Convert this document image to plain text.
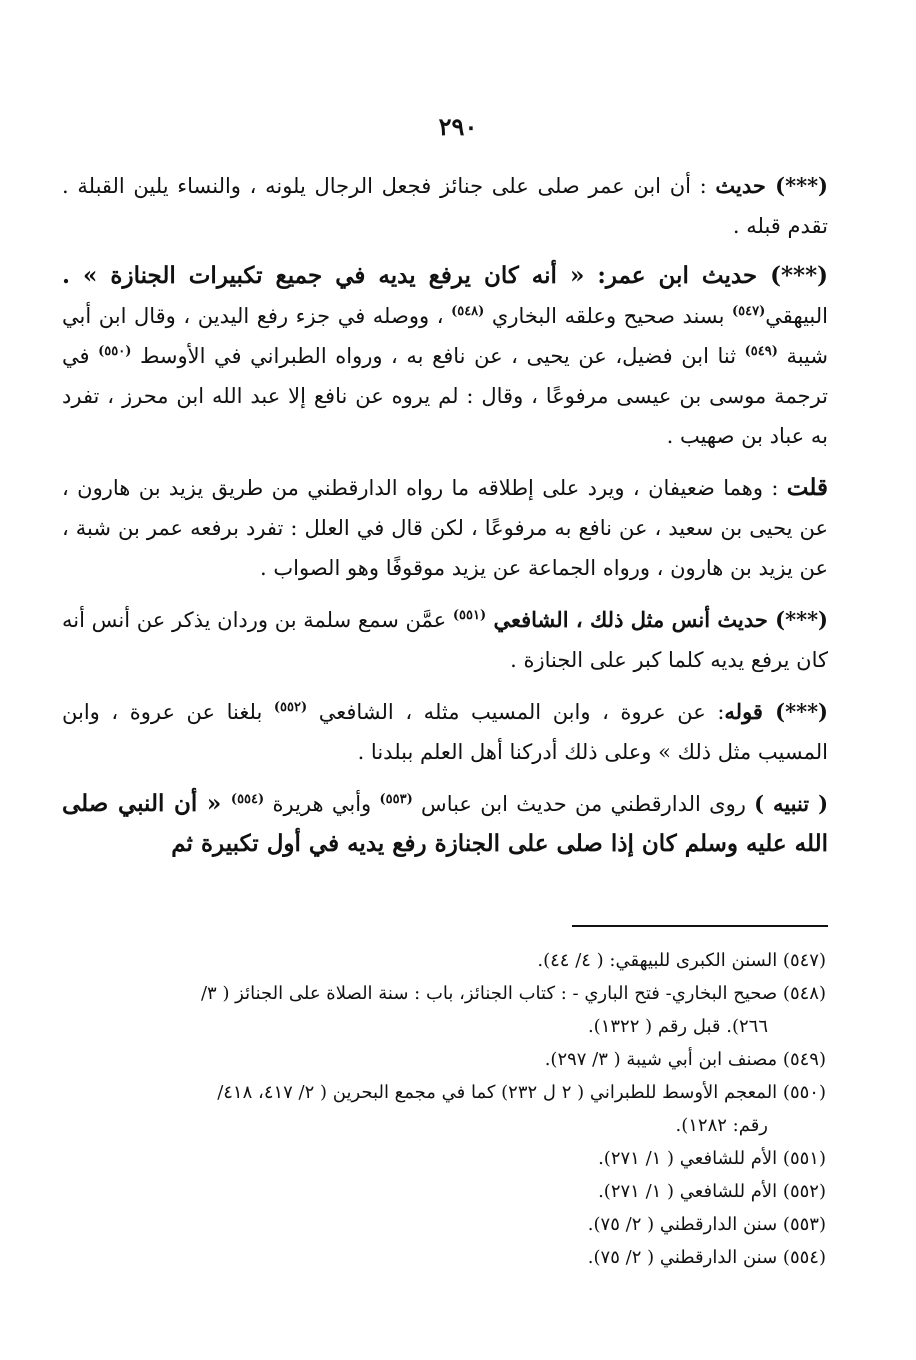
٢٩٠

(***) حديث : أن ابن عمر صلى على جنائز فجعل الرجال يلونه ، والنساء يلين القبلة . تقدم قبله .

(***) حديث ابن عمر: « أنه كان يرفع يديه في جميع تكبيرات الجنازة » . البيهقي$^{(٥٤٧)}$ بسند صحيح وعلقه البخاري $^{(٥٤٨)}$ ، ووصله في جزء رفع اليدين ، وقال ابن أبي شيبة $^{(٥٤٩)}$ ثنا ابن فضيل، عن يحيى ، عن نافع به ، ورواه الطبراني في الأوسط $^{(٥٥٠)}$ في ترجمة موسى بن عيسى مرفوعًا ، وقال : لم يروه عن نافع إلا عبد الله ابن محرز ، تفرد به عباد بن صهيب .

قلت : وهما ضعيفان ، ويرد على إطلاقه ما رواه الدارقطني من طريق يزيد بن هارون ، عن يحيى بن سعيد ، عن نافع به مرفوعًا ، لكن قال في العلل : تفرد برفعه عمر بن شبة ، عن يزيد بن هارون ، ورواه الجماعة عن يزيد موقوفًا وهو الصواب .

(***) حديث أنس مثل ذلك ، الشافعي $^{(٥٥١)}$ عمَّن سمع سلمة بن وردان يذكر عن أنس أنه كان يرفع يديه كلما كبر على الجنازة .

(***) قوله: عن عروة ، وابن المسيب مثله ، الشافعي $^{(٥٥٢)}$ بلغنا عن عروة ، وابن المسيب مثل ذلك » وعلى ذلك أدركنا أهل العلم ببلدنا .

( تنبيه ) روى الدارقطني من حديث ابن عباس $^{(٥٥٣)}$ وأبي هريرة $^{(٥٥٤)}$ « أن النبي صلى الله عليه وسلم كان إذا صلى على الجنازة رفع يديه في أول تكبيرة ثم

(٥٤٧) السنن الكبرى للبيهقي: ( ٤/ ٤٤).

(٥٤٨) صحيح البخاري- فتح الباري - : كتاب الجنائز، باب : سنة الصلاة على الجنائز ( ٣/
٢٦٦). قبل رقم ( ١٣٢٢).

(٥٤٩) مصنف ابن أبي شيبة ( ٣/ ٢٩٧).

(٥٥٠) المعجم الأوسط للطبراني ( ٢ ل ٢٣٢) كما في مجمع البحرين ( ٢/ ٤١٧، ٤١٨/
رقم: ١٢٨٢).

(٥٥١) الأم للشافعي ( ١/ ٢٧١).

(٥٥٢) الأم للشافعي ( ١/ ٢٧١).

(٥٥٣) سنن الدارقطني ( ٢/ ٧٥).

(٥٥٤) سنن الدارقطني ( ٢/ ٧٥).
